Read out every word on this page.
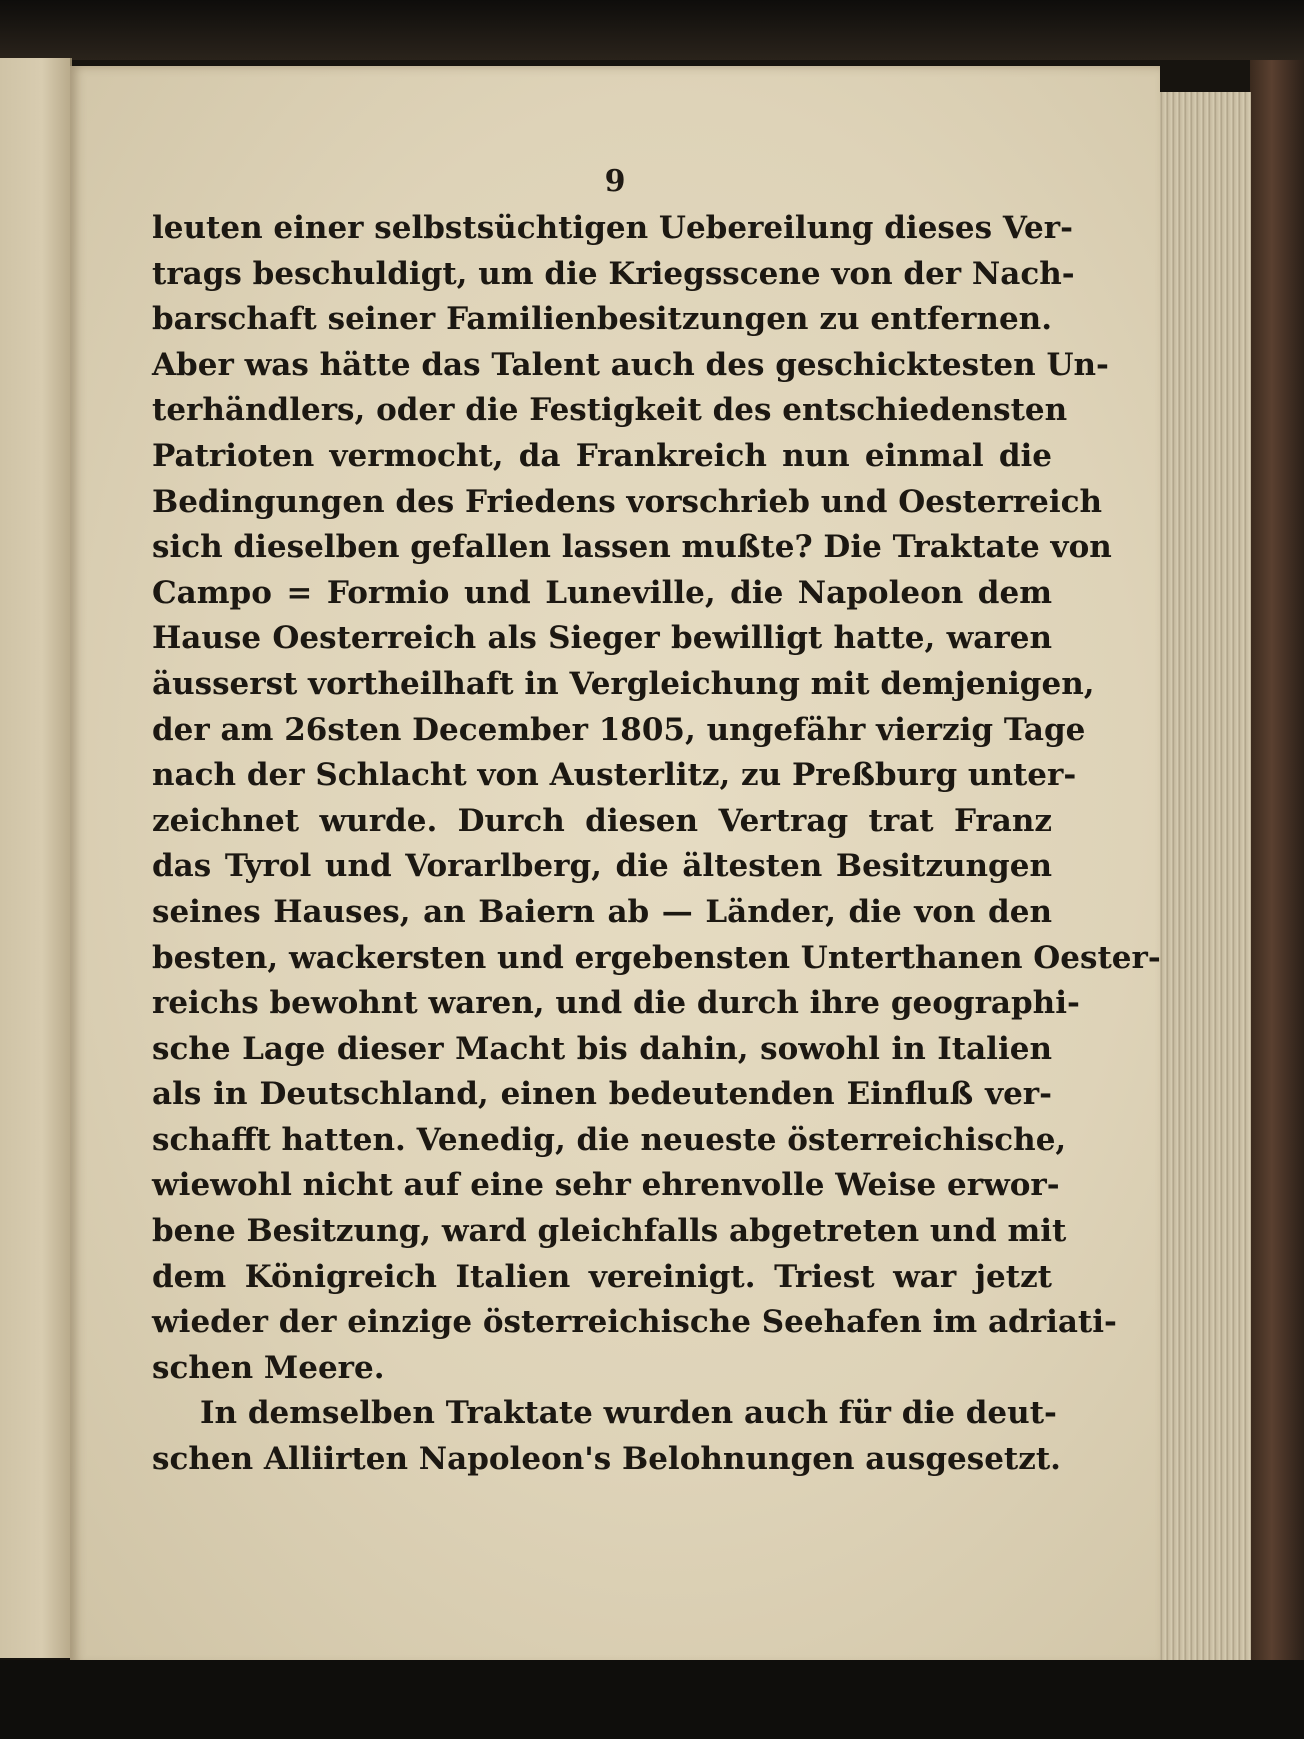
9
leuten einer selbstsüchtigen Uebereilung dieses Ver-
trags beschuldigt, um die Kriegsscene von der Nach-
barschaft seiner Familienbesitzungen zu entfernen.
Aber was hätte das Talent auch des geschicktesten Un-
terhändlers, oder die Festigkeit des entschiedensten
Patrioten vermocht, da Frankreich nun einmal die
Bedingungen des Friedens vorschrieb und Oesterreich
sich dieselben gefallen lassen mußte? Die Traktate von
Campo = Formio und Luneville, die Napoleon dem
Hause Oesterreich als Sieger bewilligt hatte, waren
äusserst vortheilhaft in Vergleichung mit demjenigen,
der am 26sten December 1805, ungefähr vierzig Tage
nach der Schlacht von Austerlitz, zu Preßburg unter-
zeichnet wurde. Durch diesen Vertrag trat Franz
das Tyrol und Vorarlberg, die ältesten Besitzungen
seines Hauses, an Baiern ab — Länder, die von den
besten, wackersten und ergebensten Unterthanen Oester-
reichs bewohnt waren, und die durch ihre geographi-
sche Lage dieser Macht bis dahin, sowohl in Italien
als in Deutschland, einen bedeutenden Einfluß ver-
schafft hatten. Venedig, die neueste österreichische,
wiewohl nicht auf eine sehr ehrenvolle Weise erwor-
bene Besitzung, ward gleichfalls abgetreten und mit
dem Königreich Italien vereinigt. Triest war jetzt
wieder der einzige österreichische Seehafen im adriati-
schen Meere.
In demselben Traktate wurden auch für die deut-
schen Alliirten Napoleon's Belohnungen ausgesetzt.
